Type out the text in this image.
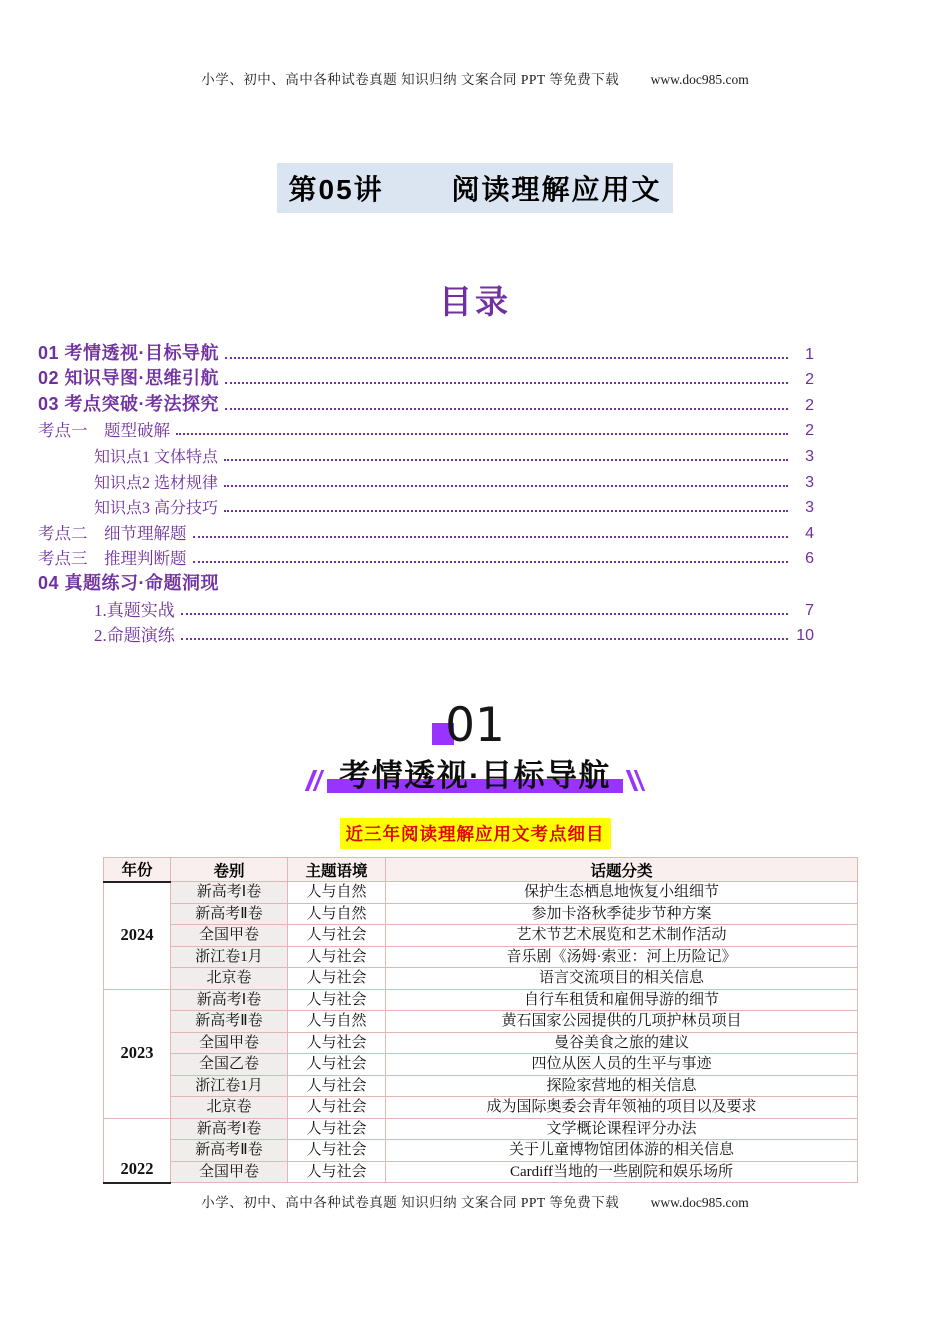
小学、初中、高中各种试卷真题 知识归纳 文案合同 PPT 等免费下载 www.doc985.com
第05讲 阅读理解应用文
目录
01 考情透视·目标导航	1
02 知识导图·思维引航	2
03 考点突破·考法探究	2
考点一　题型破解	2
知识点1 文体特点	3
知识点2 选材规律	3
知识点3 高分技巧	3
考点二　细节理解题	4
考点三　推理判断题	6
04 真题练习·命题洞现
1.真题实战	7
2.命题演练	10
01
考情透视·目标导航
近三年阅读理解应用文考点细目
年份	卷别	主题语境	话题分类
2024	新高考Ⅰ卷	人与自然	保护生态栖息地恢复小组细节
	新高考Ⅱ卷	人与自然	参加卡洛秋季徒步节种方案
	全国甲卷	人与社会	艺术节艺术展览和艺术制作活动
	浙江卷1月	人与社会	音乐剧《汤姆·索亚：河上历险记》
	北京卷	人与社会	语言交流项目的相关信息
2023	新高考Ⅰ卷	人与社会	自行车租赁和雇佣导游的细节
	新高考Ⅱ卷	人与自然	黄石国家公园提供的几项护林员项目
	全国甲卷	人与社会	曼谷美食之旅的建议
	全国乙卷	人与社会	四位从医人员的生平与事迹
	浙江卷1月	人与社会	探险家营地的相关信息
	北京卷	人与社会	成为国际奥委会青年领袖的项目以及要求
2022	新高考Ⅰ卷	人与社会	文学概论课程评分办法
	新高考Ⅱ卷	人与社会	关于儿童博物馆团体游的相关信息
	全国甲卷	人与社会	Cardiff当地的一些剧院和娱乐场所
小学、初中、高中各种试卷真题 知识归纳 文案合同 PPT 等免费下载 www.doc985.com
